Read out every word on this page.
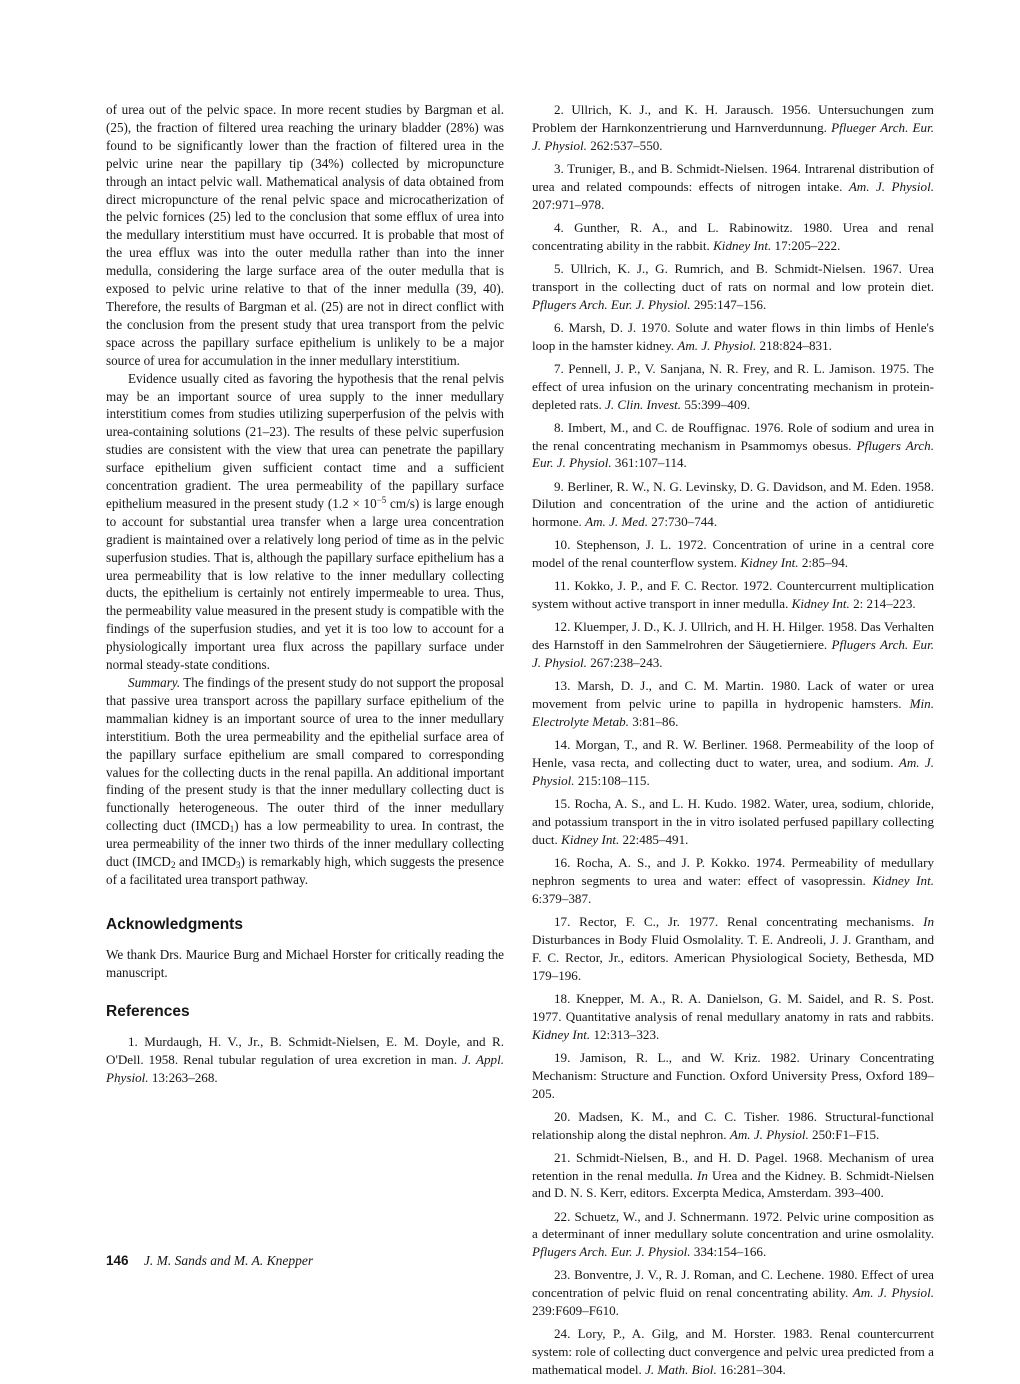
of urea out of the pelvic space. In more recent studies by Bargman et al. (25), the fraction of filtered urea reaching the urinary bladder (28%) was found to be significantly lower than the fraction of filtered urea in the pelvic urine near the papillary tip (34%) collected by micropuncture through an intact pelvic wall. Mathematical analysis of data obtained from direct micropuncture of the renal pelvic space and microcatherization of the pelvic fornices (25) led to the conclusion that some efflux of urea into the medullary interstitium must have occurred. It is probable that most of the urea efflux was into the outer medulla rather than into the inner medulla, considering the large surface area of the outer medulla that is exposed to pelvic urine relative to that of the inner medulla (39, 40). Therefore, the results of Bargman et al. (25) are not in direct conflict with the conclusion from the present study that urea transport from the pelvic space across the papillary surface epithelium is unlikely to be a major source of urea for accumulation in the inner medullary interstitium.

Evidence usually cited as favoring the hypothesis that the renal pelvis may be an important source of urea supply to the inner medullary interstitium comes from studies utilizing superperfusion of the pelvis with urea-containing solutions (21–23). The results of these pelvic superfusion studies are consistent with the view that urea can penetrate the papillary surface epithelium given sufficient contact time and a sufficient concentration gradient. The urea permeability of the papillary surface epithelium measured in the present study ($1.2 \times 10^{-5}$ cm/s) is large enough to account for substantial urea transfer when a large urea concentration gradient is maintained over a relatively long period of time as in the pelvic superfusion studies. That is, although the papillary surface epithelium has a urea permeability that is low relative to the inner medullary collecting ducts, the epithelium is certainly not entirely impermeable to urea. Thus, the permeability value measured in the present study is compatible with the findings of the superfusion studies, and yet it is too low to account for a physiologically important urea flux across the papillary surface under normal steady-state conditions.

Summary. The findings of the present study do not support the proposal that passive urea transport across the papillary surface epithelium of the mammalian kidney is an important source of urea to the inner medullary interstitium. Both the urea permeability and the epithelial surface area of the papillary surface epithelium are small compared to corresponding values for the collecting ducts in the renal papilla. An additional important finding of the present study is that the inner medullary collecting duct is functionally heterogeneous. The outer third of the inner medullary collecting duct $(IMCD_1)$ has a low permeability to urea. In contrast, the urea permeability of the inner two thirds of the inner medullary collecting duct ($IMCD_2$ and $IMCD_3$) is remarkably high, which suggests the presence of a facilitated urea transport pathway.

Acknowledgments

We thank Drs. Maurice Burg and Michael Horster for critically reading the manuscript.

References
1. Murdaugh, H. V., Jr., B. Schmidt-Nielsen, E. M. Doyle, and R. O'Dell. 1958. Renal tubular regulation of urea excretion in man. J. Appl. Physiol. 13:263–268.
2. Ullrich, K. J., and K. H. Jarausch. 1956. Untersuchungen zum Problem der Harnkonzentrierung und Harnverdunnung. Pflueger Arch. Eur. J. Physiol. 262:537–550.
3. Truniger, B., and B. Schmidt-Nielsen. 1964. Intrarenal distribution of urea and related compounds: effects of nitrogen intake. Am. J. Physiol. 207:971–978.
4. Gunther, R. A., and L. Rabinowitz. 1980. Urea and renal concentrating ability in the rabbit. Kidney Int. 17:205–222.
5. Ullrich, K. J., G. Rumrich, and B. Schmidt-Nielsen. 1967. Urea transport in the collecting duct of rats on normal and low protein diet. Pflugers Arch. Eur. J. Physiol. 295:147–156.
6. Marsh, D. J. 1970. Solute and water flows in thin limbs of Henle's loop in the hamster kidney. Am. J. Physiol. 218:824–831.
7. Pennell, J. P., V. Sanjana, N. R. Frey, and R. L. Jamison. 1975. The effect of urea infusion on the urinary concentrating mechanism in protein-depleted rats. J. Clin. Invest. 55:399–409.
8. Imbert, M., and C. de Rouffignac. 1976. Role of sodium and urea in the renal concentrating mechanism in Psammomys obesus. Pflugers Arch. Eur. J. Physiol. 361:107–114.
9. Berliner, R. W., N. G. Levinsky, D. G. Davidson, and M. Eden. 1958. Dilution and concentration of the urine and the action of antidiuretic hormone. Am. J. Med. 27:730–744.
10. Stephenson, J. L. 1972. Concentration of urine in a central core model of the renal counterflow system. Kidney Int. 2:85–94.
11. Kokko, J. P., and F. C. Rector. 1972. Countercurrent multiplication system without active transport in inner medulla. Kidney Int. 2: 214–223.
12. Kluemper, J. D., K. J. Ullrich, and H. H. Hilger. 1958. Das Verhalten des Harnstoff in den Sammelrohren der Säugetierniere. Pflugers Arch. Eur. J. Physiol. 267:238–243.
13. Marsh, D. J., and C. M. Martin. 1980. Lack of water or urea movement from pelvic urine to papilla in hydropenic hamsters. Min. Electrolyte Metab. 3:81–86.
14. Morgan, T., and R. W. Berliner. 1968. Permeability of the loop of Henle, vasa recta, and collecting duct to water, urea, and sodium. Am. J. Physiol. 215:108–115.
15. Rocha, A. S., and L. H. Kudo. 1982. Water, urea, sodium, chloride, and potassium transport in the in vitro isolated perfused papillary collecting duct. Kidney Int. 22:485–491.
16. Rocha, A. S., and J. P. Kokko. 1974. Permeability of medullary nephron segments to urea and water: effect of vasopressin. Kidney Int. 6:379–387.
17. Rector, F. C., Jr. 1977. Renal concentrating mechanisms. In Disturbances in Body Fluid Osmolality. T. E. Andreoli, J. J. Grantham, and F. C. Rector, Jr., editors. American Physiological Society, Bethesda, MD 179–196.
18. Knepper, M. A., R. A. Danielson, G. M. Saidel, and R. S. Post. 1977. Quantitative analysis of renal medullary anatomy in rats and rabbits. Kidney Int. 12:313–323.
19. Jamison, R. L., and W. Kriz. 1982. Urinary Concentrating Mechanism: Structure and Function. Oxford University Press, Oxford 189–205.
20. Madsen, K. M., and C. C. Tisher. 1986. Structural-functional relationship along the distal nephron. Am. J. Physiol. 250:F1–F15.
21. Schmidt-Nielsen, B., and H. D. Pagel. 1968. Mechanism of urea retention in the renal medulla. In Urea and the Kidney. B. Schmidt-Nielsen and D. N. S. Kerr, editors. Excerpta Medica, Amsterdam. 393–400.
22. Schuetz, W., and J. Schnermann. 1972. Pelvic urine composition as a determinant of inner medullary solute concentration and urine osmolality. Pflugers Arch. Eur. J. Physiol. 334:154–166.
23. Bonventre, J. V., R. J. Roman, and C. Lechene. 1980. Effect of urea concentration of pelvic fluid on renal concentrating ability. Am. J. Physiol. 239:F609–F610.
24. Lory, P., A. Gilg, and M. Horster. 1983. Renal countercurrent system: role of collecting duct convergence and pelvic urea predicted from a mathematical model. J. Math. Biol. 16:281–304.
146 J. M. Sands and M. A. Knepper
